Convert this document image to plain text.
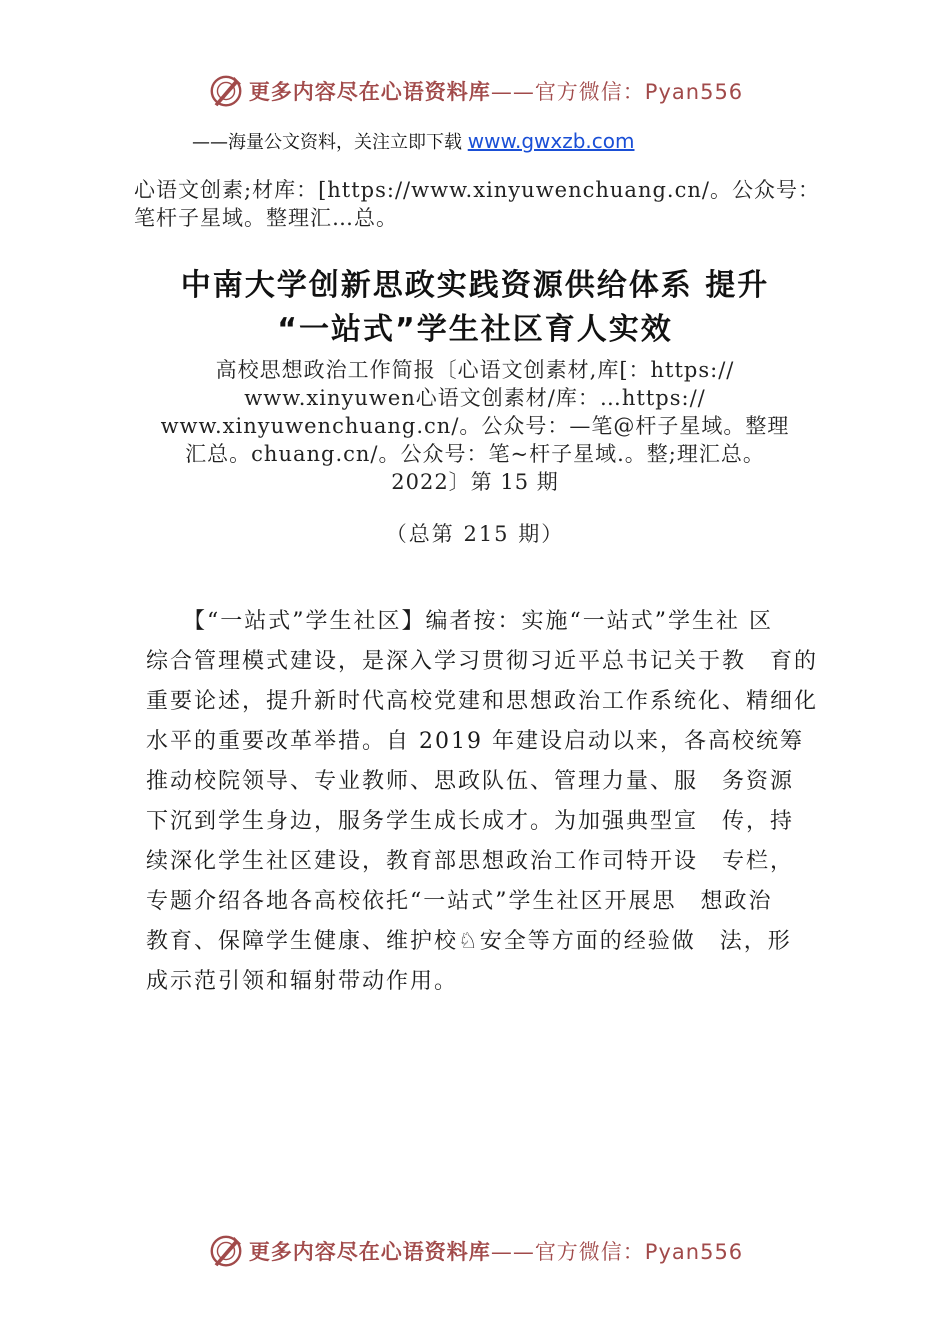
更多内容尽在心语资料库——官方微信：Pyan556
——海量公文资料，关注立即下载 www.gwxzb.com
心语文创素;材库：[https://www.xinyuwenchuang.cn/。公众号：
笔杆子星域。整理汇…总。
中南大学创新思政实践资源供给体系 提升
“一站式”学生社区育人实效
高校思想政治工作简报〔心语文创素材,库[：https://
www.xinyuwen心语文创素材/库：…https://
www.xinyuwenchuang.cn/。公众号：—笔@杆子星域。整理
汇总。chuang.cn/。公众号：笔~杆子星域.。整;理汇总。
2022〕第 15 期
（总第 215 期）
　　【“一站式”学生社区】编者按：实施“一站式”学生社 区
综合管理模式建设，是深入学习贯彻习近平总书记关于教　育的
重要论述，提升新时代高校党建和思想政治工作系统化、精细化
水平的重要改革举措。自 2019 年建设启动以来，各高校统筹
推动校院领导、专业教师、思政队伍、管理力量、服　务资源
下沉到学生身边，服务学生成长成才。为加强典型宣　传，持
续深化学生社区建设，教育部思想政治工作司特开设　专栏，
专题介绍各地各高校依托“一站式”学生社区开展思　想政治
教育、保障学生健康、维护校♘安全等方面的经验做　法，形
成示范引领和辐射带动作用。
更多内容尽在心语资料库——官方微信：Pyan556
